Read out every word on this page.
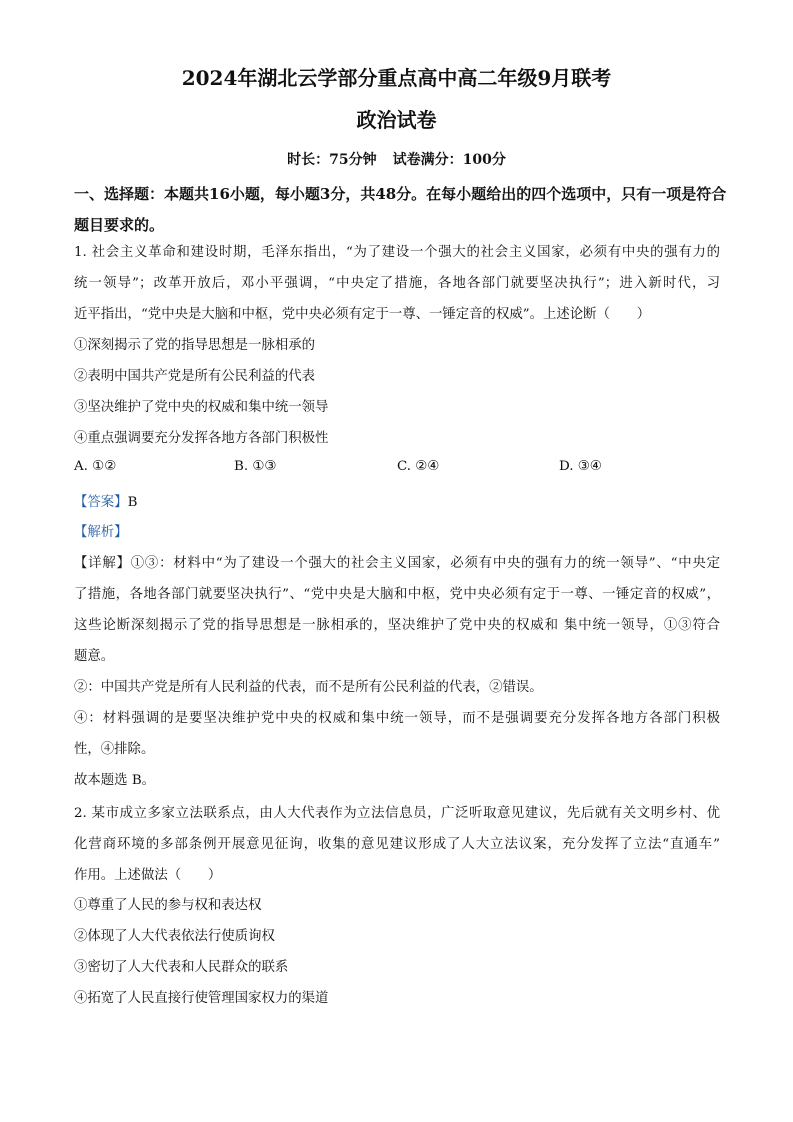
2024年湖北云学部分重点高中高二年级9月联考
政治试卷
时长：75分钟 试卷满分：100分

一、选择题：本题共16小题，每小题3分，共48分。在每小题给出的四个选项中，只有一项是符合题目要求的。

1. 社会主义革命和建设时期，毛泽东指出，“为了建设一个强大的社会主义国家，必须有中央的强有力的
统一领导”；改革开放后，邓小平强调，“中央定了措施，各地各部门就要坚决执行”；进入新时代，习
近平指出，“党中央是大脑和中枢，党中央必须有定于一尊、一锤定音的权威”。上述论断（　　）
①深刻揭示了党的指导思想是一脉相承的
②表明中国共产党是所有公民利益的代表
③坚决维护了党中央的权威和集中统一领导
④重点强调要充分发挥各地方各部门积极性
A. ①②	B. ①③	C. ②④	D. ③④
【答案】B
【解析】
【详解】①③：材料中“为了建设一个强大的社会主义国家，必须有中央的强有力的统一领导”、“中央定
了措施，各地各部门就要坚决执行”、“党中央是大脑和中枢，党中央必须有定于一尊、一锤定音的权威”，
这些论断深刻揭示了党的指导思想是一脉相承的，坚决维护了党中央的权威和 集中统一领导，①③符合
题意。
②：中国共产党是所有人民利益的代表，而不是所有公民利益的代表，②错误。
④：材料强调的是要坚决维护党中央的权威和集中统一领导，而不是强调要充分发挥各地方各部门积极
性，④排除。
故本题选 B。
2. 某市成立多家立法联系点，由人大代表作为立法信息员，广泛听取意见建议，先后就有关文明乡村、优
化营商环境的多部条例开展意见征询，收集的意见建议形成了人大立法议案，充分发挥了立法“直通车”
作用。上述做法（　　）
①尊重了人民的参与权和表达权
②体现了人大代表依法行使质询权
③密切了人大代表和人民群众的联系
④拓宽了人民直接行使管理国家权力的渠道
